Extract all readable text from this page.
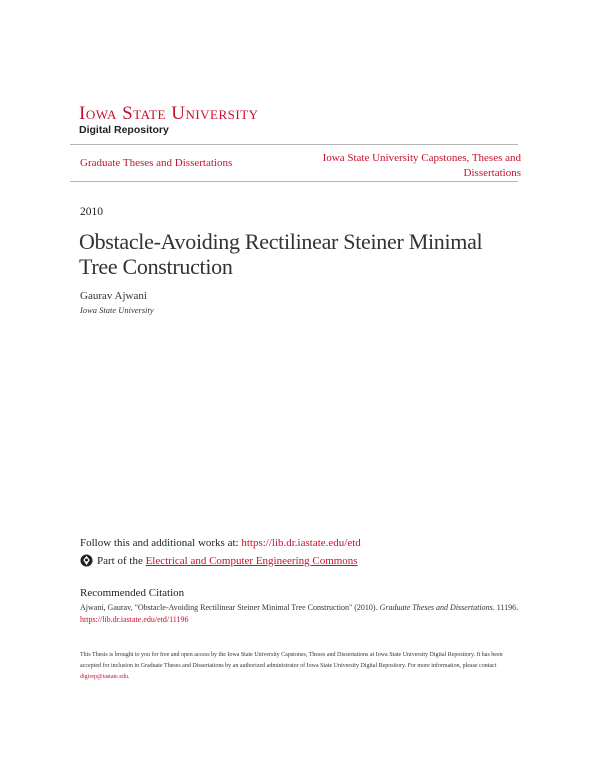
Iowa State University
Digital Repository
Graduate Theses and Dissertations	Iowa State University Capstones, Theses and Dissertations
2010
Obstacle-Avoiding Rectilinear Steiner Minimal Tree Construction
Gaurav Ajwani
Iowa State University
Follow this and additional works at: https://lib.dr.iastate.edu/etd
Part of the
Electrical and Computer Engineering Commons
Recommended Citation
Ajwani, Gaurav, "Obstacle-Avoiding Rectilinear Steiner Minimal Tree Construction" (2010). Graduate Theses and Dissertations. 11196.
https://lib.dr.iastate.edu/etd/11196
This Thesis is brought to you for free and open access by the Iowa State University Capstones, Theses and Dissertations at Iowa State University Digital Repository. It has been accepted for inclusion in Graduate Theses and Dissertations by an authorized administrator of Iowa State University Digital Repository. For more information, please contact digirep@iastate.edu.
